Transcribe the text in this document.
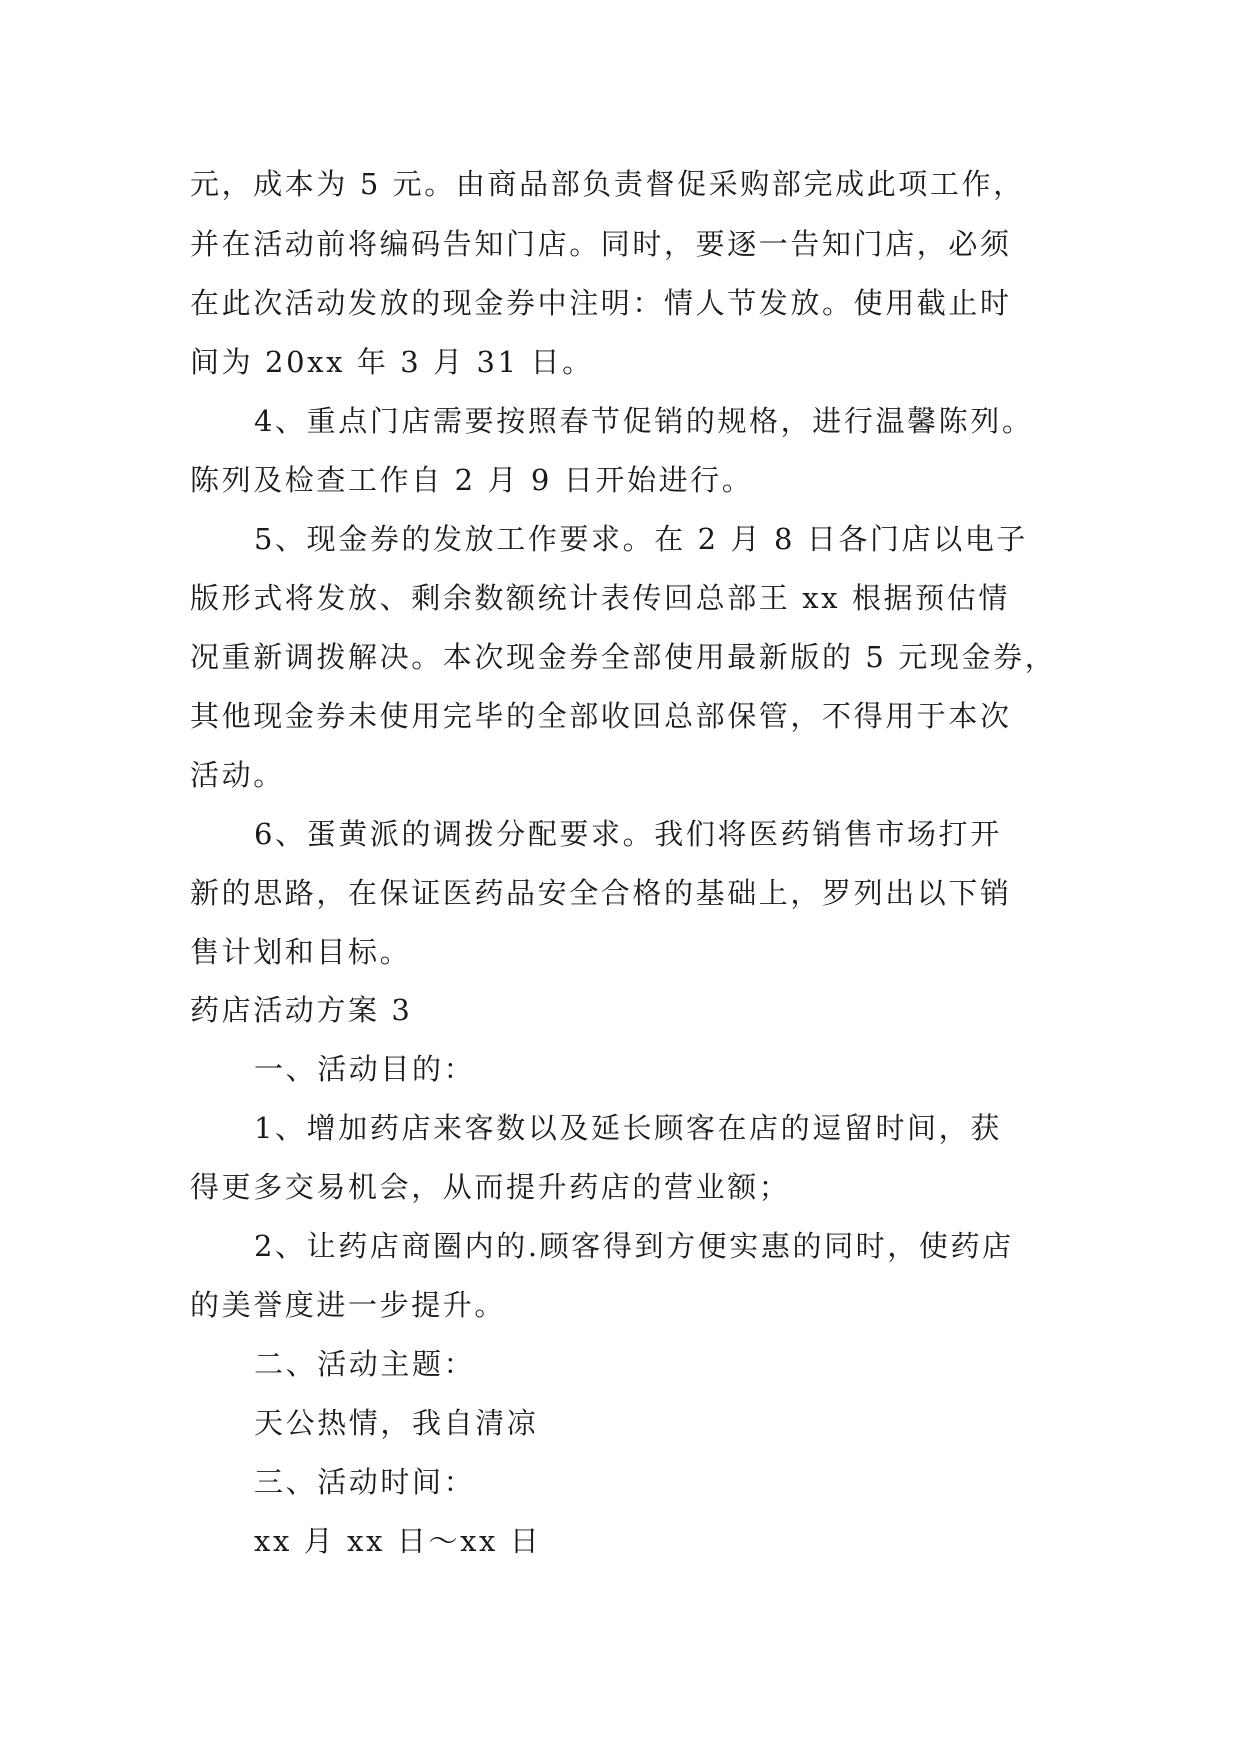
元，成本为 5 元。由商品部负责督促采购部完成此项工作，

并在活动前将编码告知门店。同时，要逐一告知门店，必须

在此次活动发放的现金券中注明：情人节发放。使用截止时

间为 20xx 年 3 月 31 日。

4、重点门店需要按照春节促销的规格，进行温馨陈列。

陈列及检查工作自 2 月 9 日开始进行。

5、现金券的发放工作要求。在 2 月 8 日各门店以电子

版形式将发放、剩余数额统计表传回总部王 xx 根据预估情

况重新调拨解决。本次现金券全部使用最新版的 5 元现金券，

其他现金券未使用完毕的全部收回总部保管，不得用于本次

活动。

6、蛋黄派的调拨分配要求。我们将医药销售市场打开

新的思路，在保证医药品安全合格的基础上，罗列出以下销

售计划和目标。

药店活动方案 3

一、活动目的：

1、增加药店来客数以及延长顾客在店的逗留时间，获

得更多交易机会，从而提升药店的营业额；

2、让药店商圈内的.顾客得到方便实惠的同时，使药店

的美誉度进一步提升。

二、活动主题：

天公热情，我自清凉

三、活动时间：

xx 月 xx 日～xx 日
